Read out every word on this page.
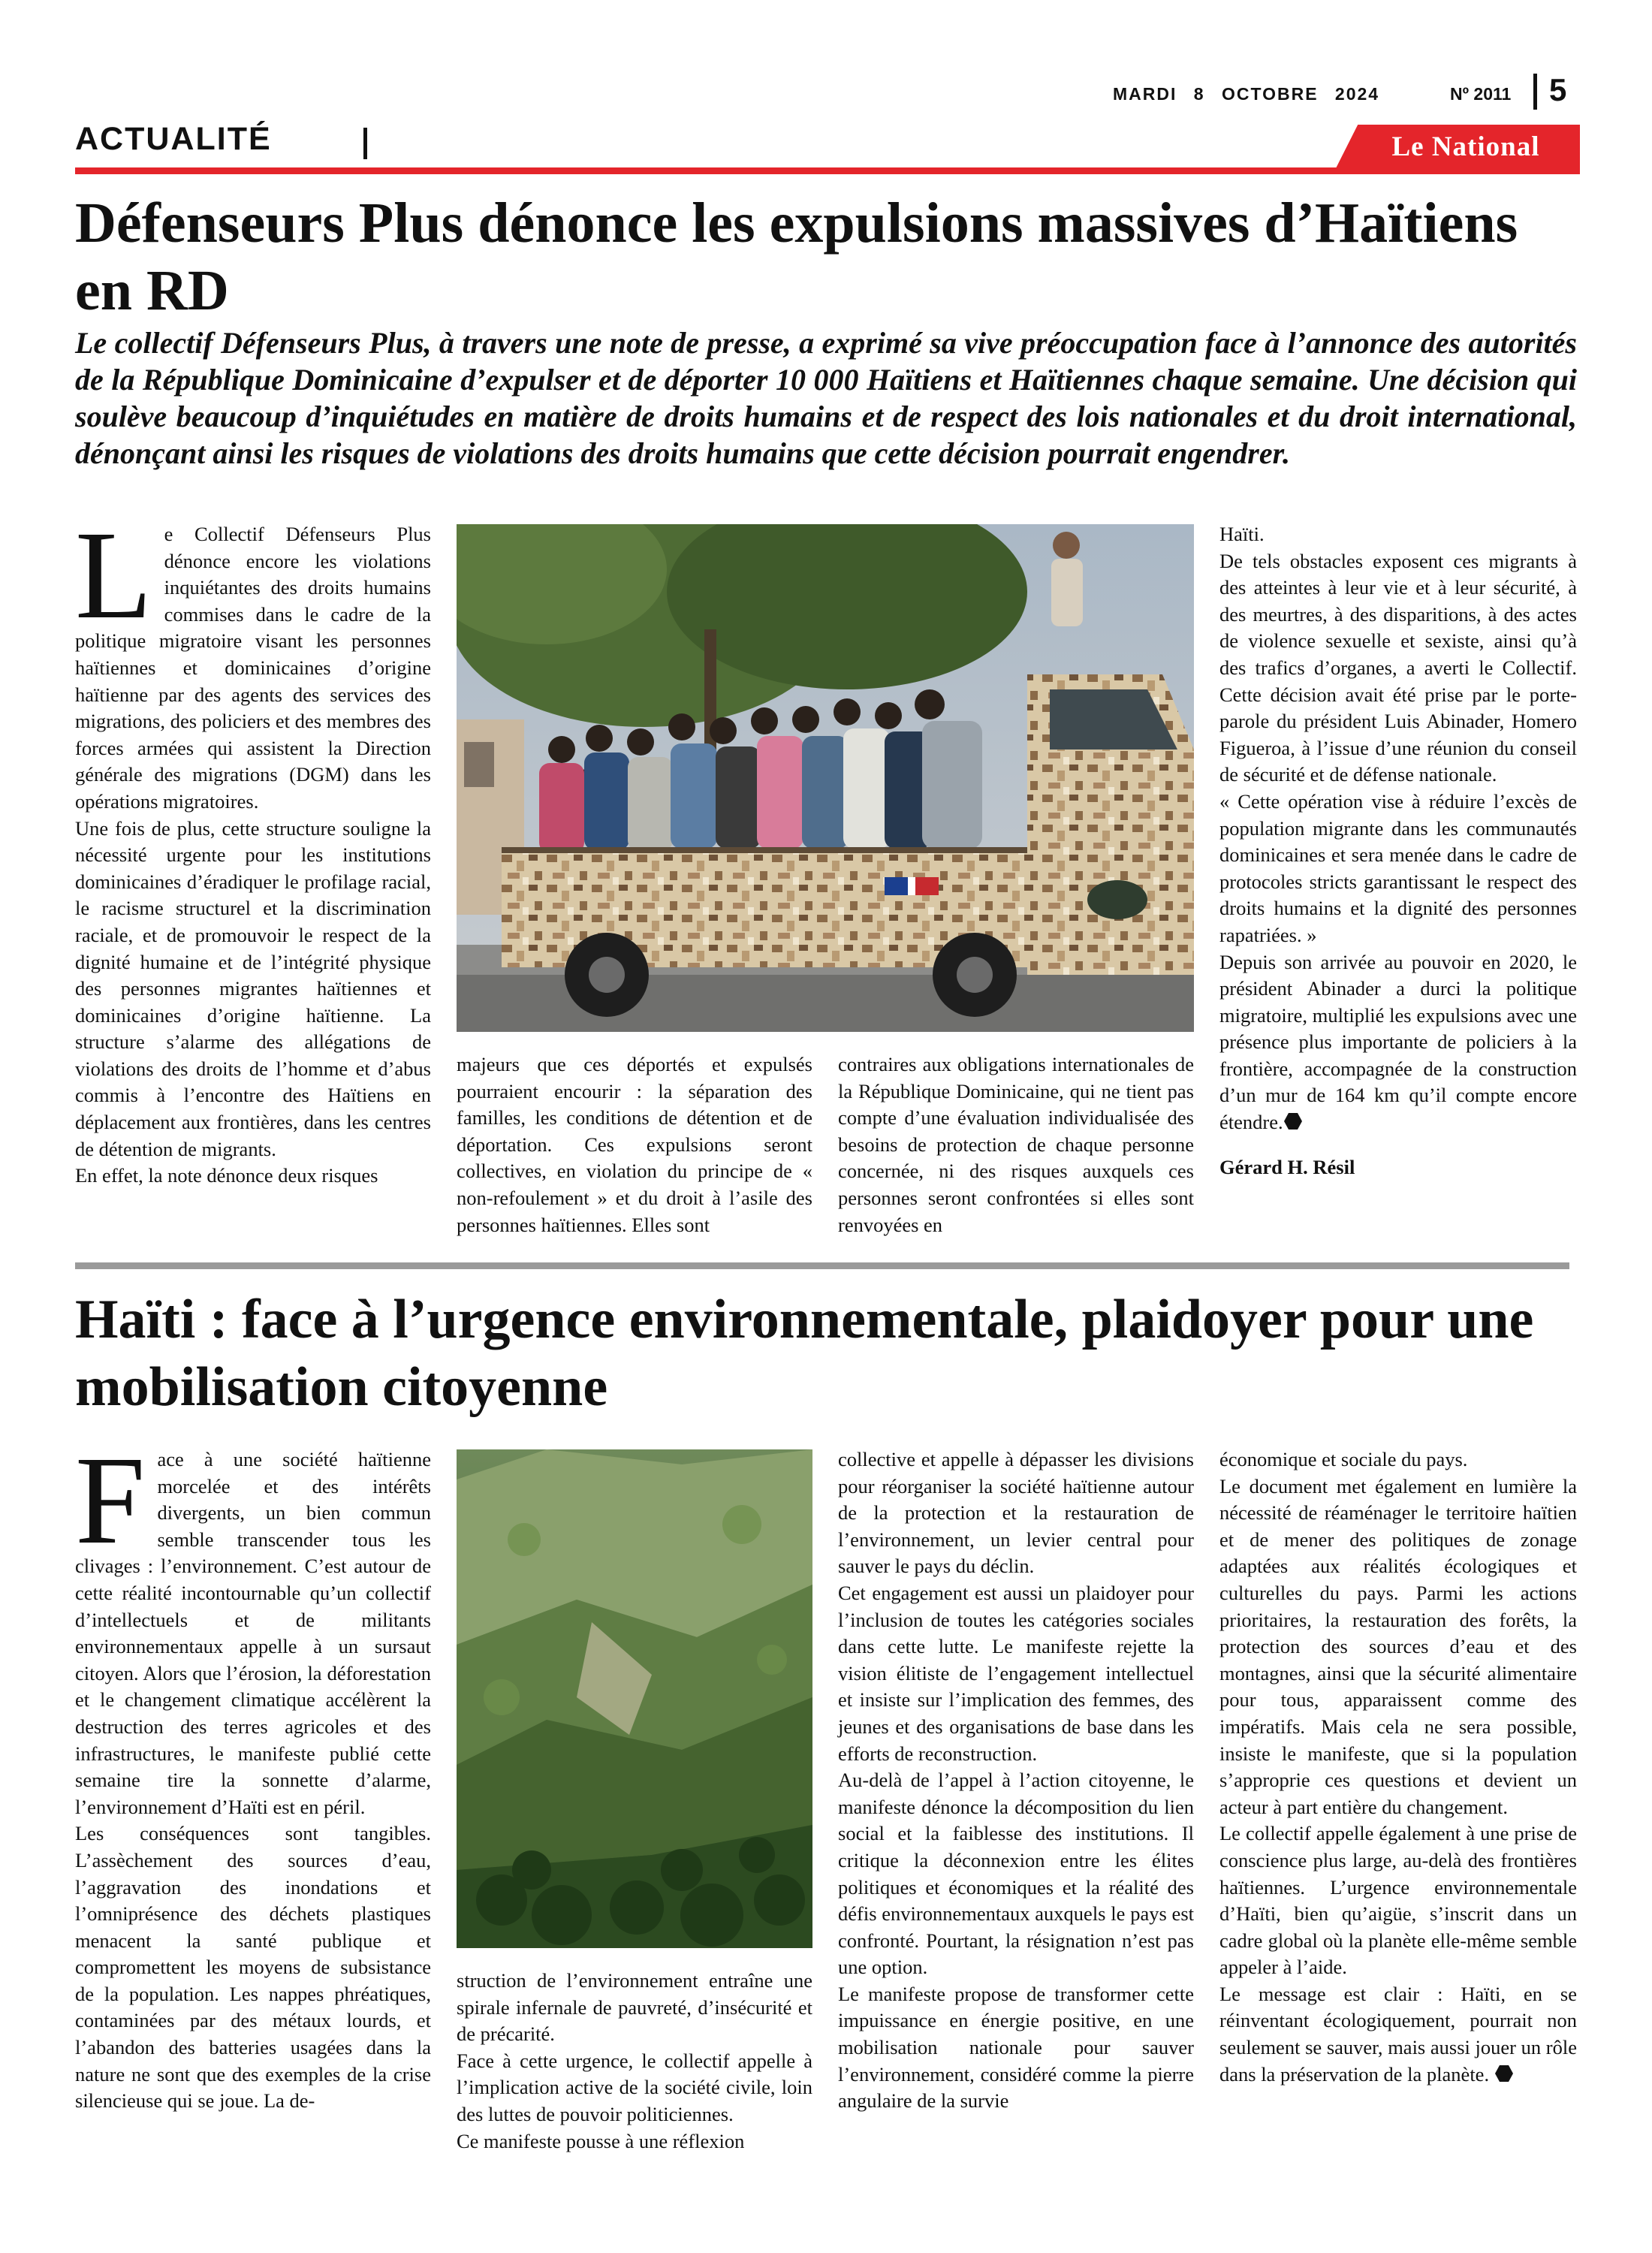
MARDI 8 OCTOBRE 2024	Nº 2011 5
ACTUALITÉ	Le National
Défenseurs Plus dénonce les expulsions massives d’Haïtiens en RD
Le collectif Défenseurs Plus, à travers une note de presse, a exprimé sa vive préoccupation face à l’annonce des autorités de la République Dominicaine d’expulser et de déporter 10 000 Haïtiens et Haïtiennes chaque semaine. Une décision qui soulève beaucoup d’inquiétudes en matière de droits humains et de respect des lois nationales et du droit international, dénonçant ainsi les risques de violations des droits humains que cette décision pourrait engendrer.

Le Collectif Défenseurs Plus dénonce encore les violations inquiétantes des droits humains commises dans le cadre de la politique migratoire visant les personnes haïtiennes et dominicaines d’origine haïtienne par des agents des services des migrations, des policiers et des membres des forces armées qui assistent la Direction générale des migrations (DGM) dans les opérations migratoires.

Une fois de plus, cette structure souligne la nécessité urgente pour les institutions dominicaines d’éradiquer le profilage racial, le racisme structurel et la discrimination raciale, et de promouvoir le respect de la dignité humaine et de l’intégrité physique des personnes migrantes haïtiennes et dominicaines d’origine haïtienne. La structure s’alarme des allégations de violations des droits de l’homme et d’abus commis à l’encontre des Haïtiens en déplacement aux frontières, dans les centres de détention de migrants.

En effet, la note dénonce deux risques

majeurs que ces déportés et expulsés pourraient encourir : la séparation des familles, les conditions de détention et de déportation. Ces expulsions seront collectives, en violation du principe de « non-refoulement » et du droit à l’asile des personnes haïtiennes. Elles sont

contraires aux obligations internationales de la République Dominicaine, qui ne tient pas compte d’une évaluation individualisée des besoins de protection de chaque personne concernée, ni des risques auxquels ces personnes seront confrontées si elles sont renvoyées en

Haïti.

De tels obstacles exposent ces migrants à des atteintes à leur vie et à leur sécurité, à des meurtres, à des disparitions, à des actes de violence sexuelle et sexiste, ainsi qu’à des trafics d’organes, a averti le Collectif. Cette décision avait été prise par le porte-parole du président Luis Abinader, Homero Figueroa, à l’issue d’une réunion du conseil de sécurité et de défense nationale.

« Cette opération vise à réduire l’excès de population migrante dans les communautés dominicaines et sera menée dans le cadre de protocoles stricts garantissant le respect des droits humains et la dignité des personnes rapatriées. »

Depuis son arrivée au pouvoir en 2020, le président Abinader a durci la politique migratoire, multiplié les expulsions avec une présence plus importante de policiers à la frontière, accompagnée de la construction d’un mur de 164 km qu’il compte encore étendre.

Gérard H. Résil

Haïti : face à l’urgence environnementale, plaidoyer pour une mobilisation citoyenne

Face à une société haïtienne morcelée et des intérêts divergents, un bien commun semble transcender tous les clivages : l’environnement. C’est autour de cette réalité incontournable qu’un collectif d’intellectuels et de militants environnementaux appelle à un sursaut citoyen. Alors que l’érosion, la déforestation et le changement climatique accélèrent la destruction des terres agricoles et des infrastructures, le manifeste publié cette semaine tire la sonnette d’alarme, l’environnement d’Haïti est en péril.

Les conséquences sont tangibles. L’assèchement des sources d’eau, l’aggravation des inondations et l’omniprésence des déchets plastiques menacent la santé publique et compromettent les moyens de subsistance de la population. Les nappes phréatiques, contaminées par des métaux lourds, et l’abandon des batteries usagées dans la nature ne sont que des exemples de la crise silencieuse qui se joue. La de-

struction de l’environnement entraîne une spirale infernale de pauvreté, d’insécurité et de précarité.

Face à cette urgence, le collectif appelle à l’implication active de la société civile, loin des luttes de pouvoir politiciennes.

Ce manifeste pousse à une réflexion

collective et appelle à dépasser les divisions pour réorganiser la société haïtienne autour de la protection et la restauration de l’environnement, un levier central pour sauver le pays du déclin.

Cet engagement est aussi un plaidoyer pour l’inclusion de toutes les catégories sociales dans cette lutte. Le manifeste rejette la vision élitiste de l’engagement intellectuel et insiste sur l’implication des femmes, des jeunes et des organisations de base dans les efforts de reconstruction.

Au-delà de l’appel à l’action citoyenne, le manifeste dénonce la décomposition du lien social et la faiblesse des institutions. Il critique la déconnexion entre les élites politiques et économiques et la réalité des défis environnementaux auxquels le pays est confronté. Pourtant, la résignation n’est pas une option.

Le manifeste propose de transformer cette impuissance en énergie positive, en une mobilisation nationale pour sauver l’environnement, considéré comme la pierre angulaire de la survie

économique et sociale du pays.

Le document met également en lumière la nécessité de réaménager le territoire haïtien et de mener des politiques de zonage adaptées aux réalités écologiques et culturelles du pays. Parmi les actions prioritaires, la restauration des forêts, la protection des sources d’eau et des montagnes, ainsi que la sécurité alimentaire pour tous, apparaissent comme des impératifs. Mais cela ne sera possible, insiste le manifeste, que si la population s’approprie ces questions et devient un acteur à part entière du changement.

Le collectif appelle également à une prise de conscience plus large, au-delà des frontières haïtiennes. L’urgence environnementale d’Haïti, bien qu’aigüe, s’inscrit dans un cadre global où la planète elle-même semble appeler à l’aide.

Le message est clair : Haïti, en se réinventant écologiquement, pourrait non seulement se sauver, mais aussi jouer un rôle dans la préservation de la planète.
